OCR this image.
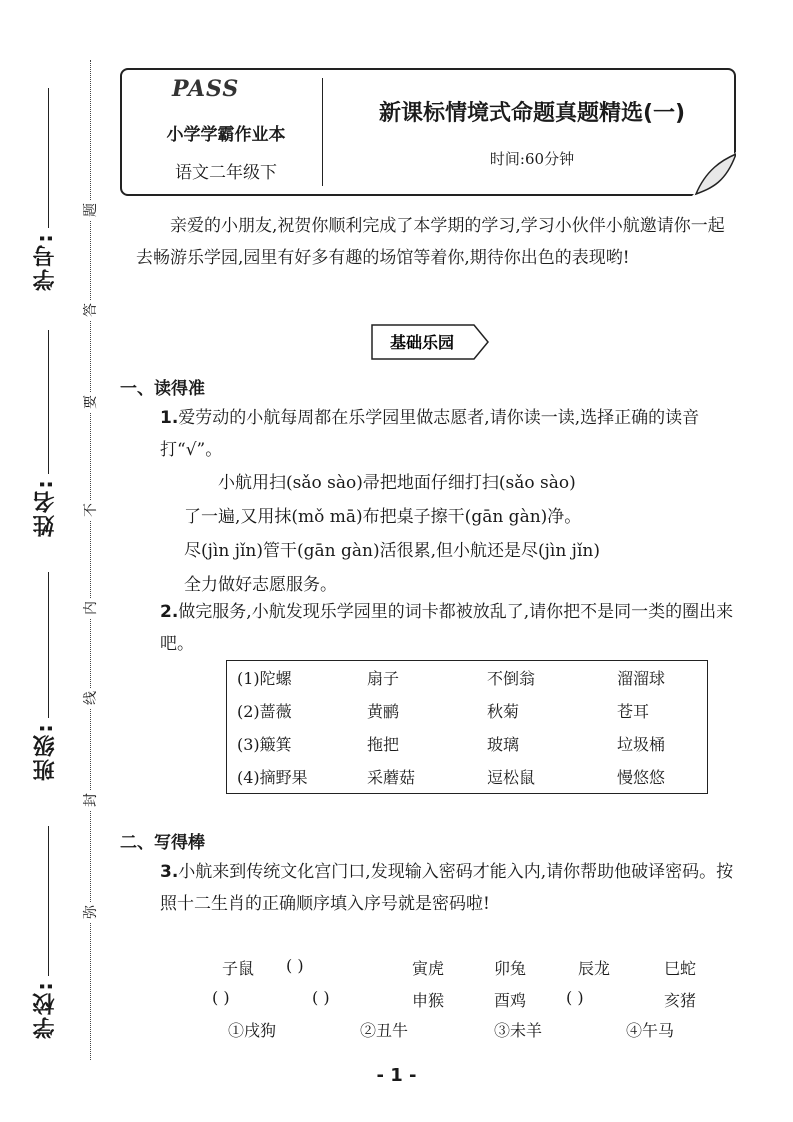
学号:
姓名:
班级:
学校:
题
答
要
不
内
线
封
弥
PASS
小学学霸作业本
语文二年级下
新课标情境式命题真题精选(一)
时间:60分钟

亲爱的小朋友,祝贺你顺利完成了本学期的学习,学习小伙伴小航邀请你一起去畅游乐学园,园里有好多有趣的场馆等着你,期待你出色的表现哟!

基础乐园
一、读得准

1.爱劳动的小航每周都在乐学园里做志愿者,请你读一读,选择正确的读音打“√”。

小航用扫(sǎo sào)帚把地面仔细打扫(sǎo sào)
了一遍,又用抹(mǒ mā)布把桌子擦干(gān gàn)净。
尽(jìn jǐn)管干(gān gàn)活很累,但小航还是尽(jìn jǐn)
全力做好志愿服务。

2.做完服务,小航发现乐学园里的词卡都被放乱了,请你把不是同一类的圈出来吧。

(1)陀螺	扇子	不倒翁	溜溜球
(2)蔷薇	黄鹂	秋菊	苍耳
(3)簸箕	拖把	玻璃	垃圾桶
(4)摘野果	采蘑菇	逗松鼠	慢悠悠
二、写得棒

3.小航来到传统文化宫门口,发现输入密码才能入内,请你帮助他破译密码。按照十二生肖的正确顺序填入序号就是密码啦!

子鼠 ( )	寅虎	卯兔	辰龙	巳蛇
( )	( )	申猴	酉鸡 ( )	亥猪
①戌狗	②丑牛	③未羊	④午马
- 1 -
